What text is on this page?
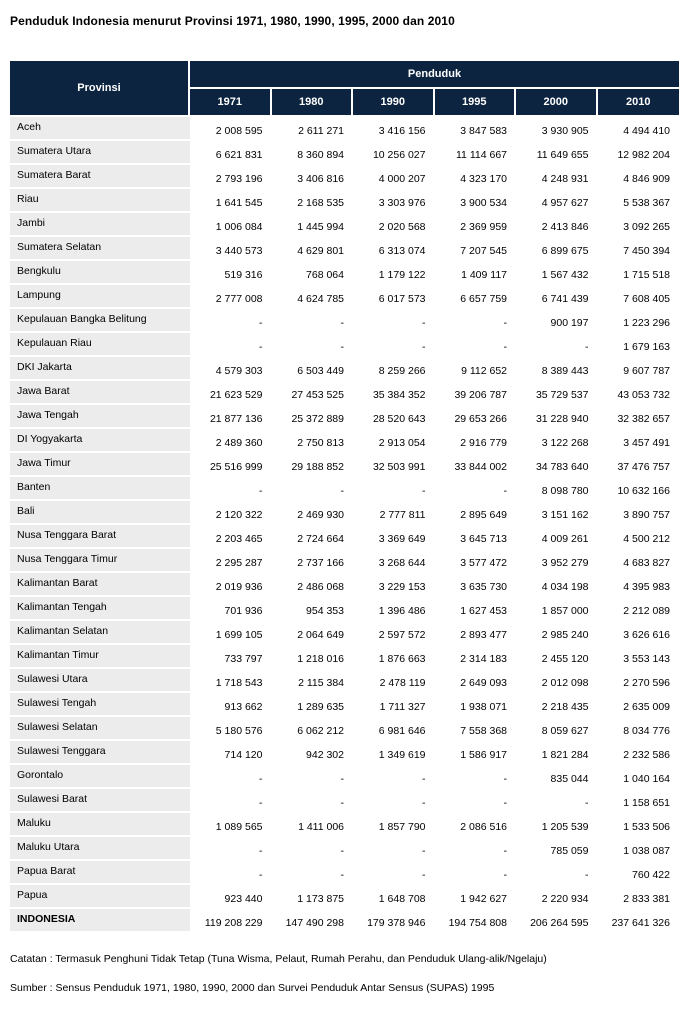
Penduduk Indonesia menurut Provinsi 1971, 1980, 1990, 1995, 2000 dan 2010
Provinsi	Penduduk					
	1971	1980	1990	1995	2000	2010
Aceh	2 008 595	2 611 271	3 416 156	3 847 583	3 930 905	4 494 410
Sumatera Utara	6 621 831	8 360 894	10 256 027	11 114 667	11 649 655	12 982 204
Sumatera Barat	2 793 196	3 406 816	4 000 207	4 323 170	4 248 931	4 846 909
Riau	1 641 545	2 168 535	3 303 976	3 900 534	4 957 627	5 538 367
Jambi	1 006 084	1 445 994	2 020 568	2 369 959	2 413 846	3 092 265
Sumatera Selatan	3 440 573	4 629 801	6 313 074	7 207 545	6 899 675	7 450 394
Bengkulu	519 316	768 064	1 179 122	1 409 117	1 567 432	1 715 518
Lampung	2 777 008	4 624 785	6 017 573	6 657 759	6 741 439	7 608 405
Kepulauan Bangka Belitung	-	-	-	-	900 197	1 223 296
Kepulauan Riau	-	-	-	-	-	1 679 163
DKI Jakarta	4 579 303	6 503 449	8 259 266	9 112 652	8 389 443	9 607 787
Jawa Barat	21 623 529	27 453 525	35 384 352	39 206 787	35 729 537	43 053 732
Jawa Tengah	21 877 136	25 372 889	28 520 643	29 653 266	31 228 940	32 382 657
DI Yogyakarta	2 489 360	2 750 813	2 913 054	2 916 779	3 122 268	3 457 491
Jawa Timur	25 516 999	29 188 852	32 503 991	33 844 002	34 783 640	37 476 757
Banten	-	-	-	-	8 098 780	10 632 166
Bali	2 120 322	2 469 930	2 777 811	2 895 649	3 151 162	3 890 757
Nusa Tenggara Barat	2 203 465	2 724 664	3 369 649	3 645 713	4 009 261	4 500 212
Nusa Tenggara Timur	2 295 287	2 737 166	3 268 644	3 577 472	3 952 279	4 683 827
Kalimantan Barat	2 019 936	2 486 068	3 229 153	3 635 730	4 034 198	4 395 983
Kalimantan Tengah	701 936	954 353	1 396 486	1 627 453	1 857 000	2 212 089
Kalimantan Selatan	1 699 105	2 064 649	2 597 572	2 893 477	2 985 240	3 626 616
Kalimantan Timur	733 797	1 218 016	1 876 663	2 314 183	2 455 120	3 553 143
Sulawesi Utara	1 718 543	2 115 384	2 478 119	2 649 093	2 012 098	2 270 596
Sulawesi Tengah	913 662	1 289 635	1 711 327	1 938 071	2 218 435	2 635 009
Sulawesi Selatan	5 180 576	6 062 212	6 981 646	7 558 368	8 059 627	8 034 776
Sulawesi Tenggara	714 120	942 302	1 349 619	1 586 917	1 821 284	2 232 586
Gorontalo	-	-	-	-	835 044	1 040 164
Sulawesi Barat	-	-	-	-	-	1 158 651
Maluku	1 089 565	1 411 006	1 857 790	2 086 516	1 205 539	1 533 506
Maluku Utara	-	-	-	-	785 059	1 038 087
Papua Barat	-	-	-	-	-	760 422
Papua	923 440	1 173 875	1 648 708	1 942 627	2 220 934	2 833 381
INDONESIA	119 208 229	147 490 298	179 378 946	194 754 808	206 264 595	237 641 326
Catatan : Termasuk Penghuni Tidak Tetap (Tuna Wisma, Pelaut, Rumah Perahu, dan Penduduk Ulang-alik/Ngelaju)
Sumber : Sensus Penduduk 1971, 1980, 1990, 2000 dan Survei Penduduk Antar Sensus (SUPAS) 1995
